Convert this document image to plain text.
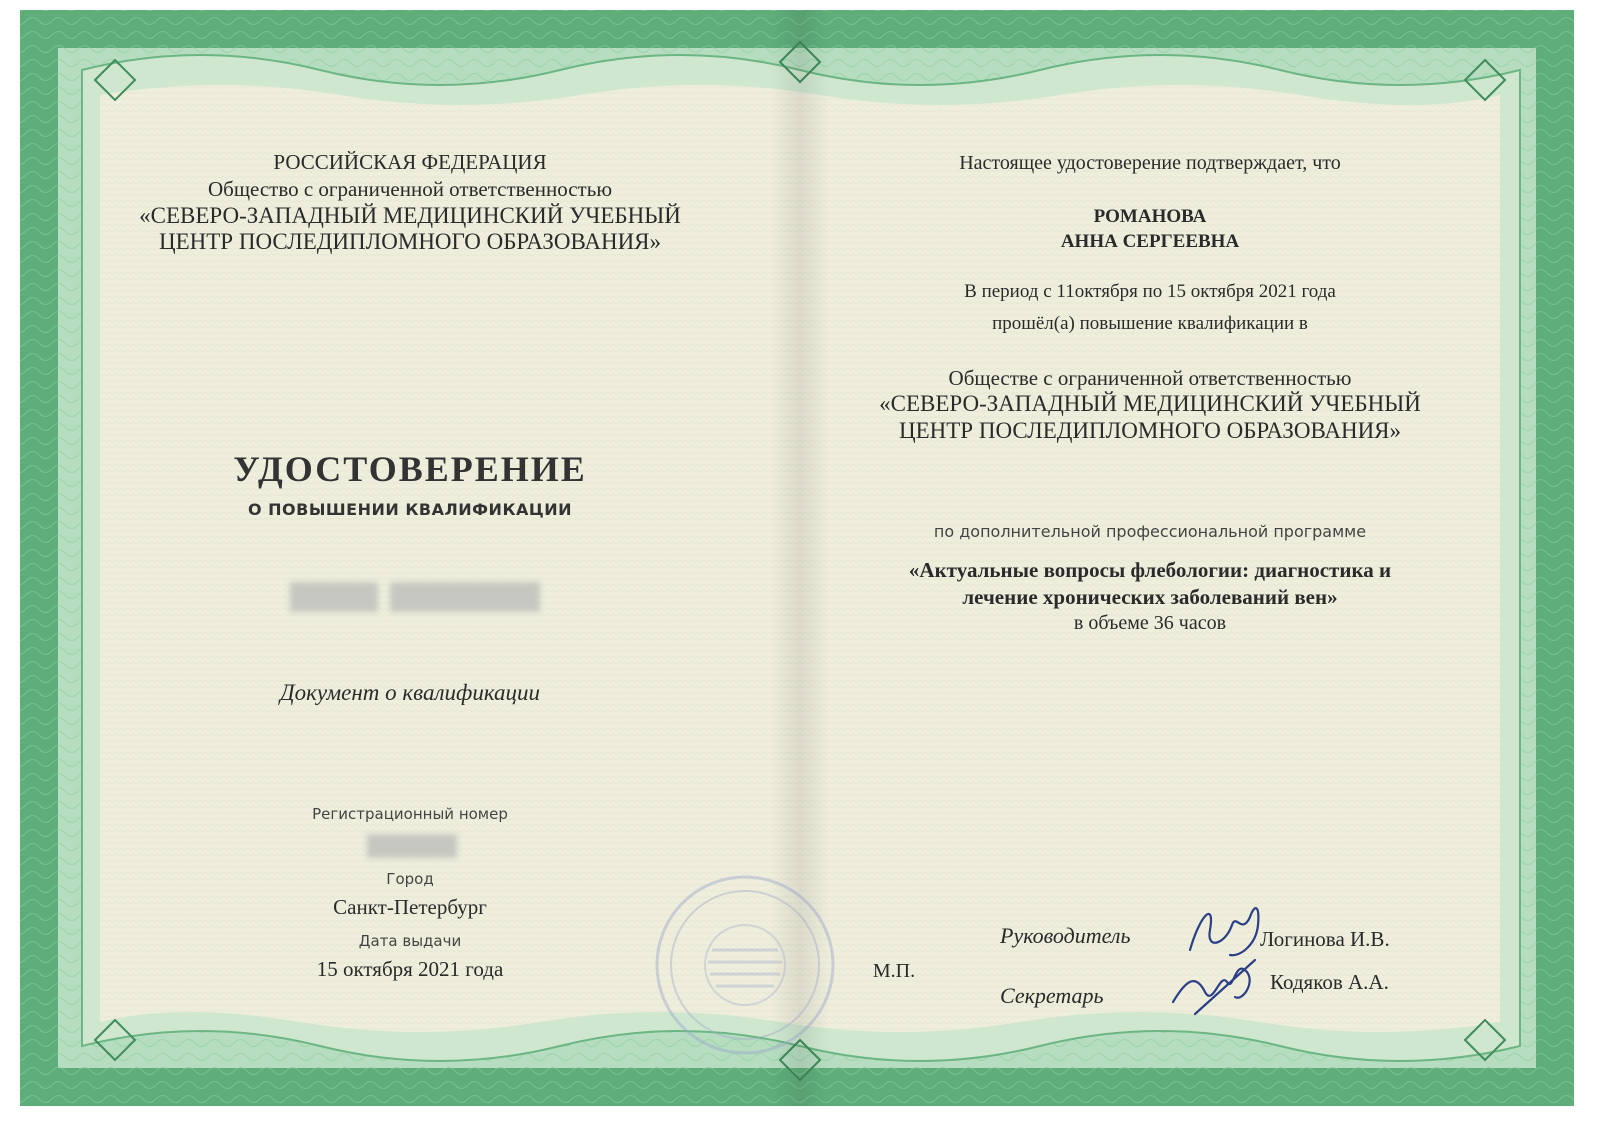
РОССИЙСКАЯ ФЕДЕРАЦИЯ
Общество с ограниченной ответственностью
«СЕВЕРО-ЗАПАДНЫЙ МЕДИЦИНСКИЙ УЧЕБНЫЙ
ЦЕНТР ПОСЛЕДИПЛОМНОГО ОБРАЗОВАНИЯ»
УДОСТОВЕРЕНИЕ
О ПОВЫШЕНИИ КВАЛИФИКАЦИИ
Документ о квалификации
Регистрационный номер
Город
Санкт-Петербург
Дата выдачи
15 октября 2021 года	М.П.
Настоящее удостоверение подтверждает, что
РОМАНОВА
АННА СЕРГЕЕВНА
В период с 11октября по 15 октября 2021 года
прошёл(а) повышение квалификации в
Обществе с ограниченной ответственностью
«СЕВЕРО-ЗАПАДНЫЙ МЕДИЦИНСКИЙ УЧЕБНЫЙ
ЦЕНТР ПОСЛЕДИПЛОМНОГО ОБРАЗОВАНИЯ»
по дополнительной профессиональной программе
«Актуальные вопросы флебологии: диагностика и
лечение хронических заболеваний вен»
в объеме 36 часов
Руководитель	Логинова И.В.
Секретарь
Кодяков А.А.
